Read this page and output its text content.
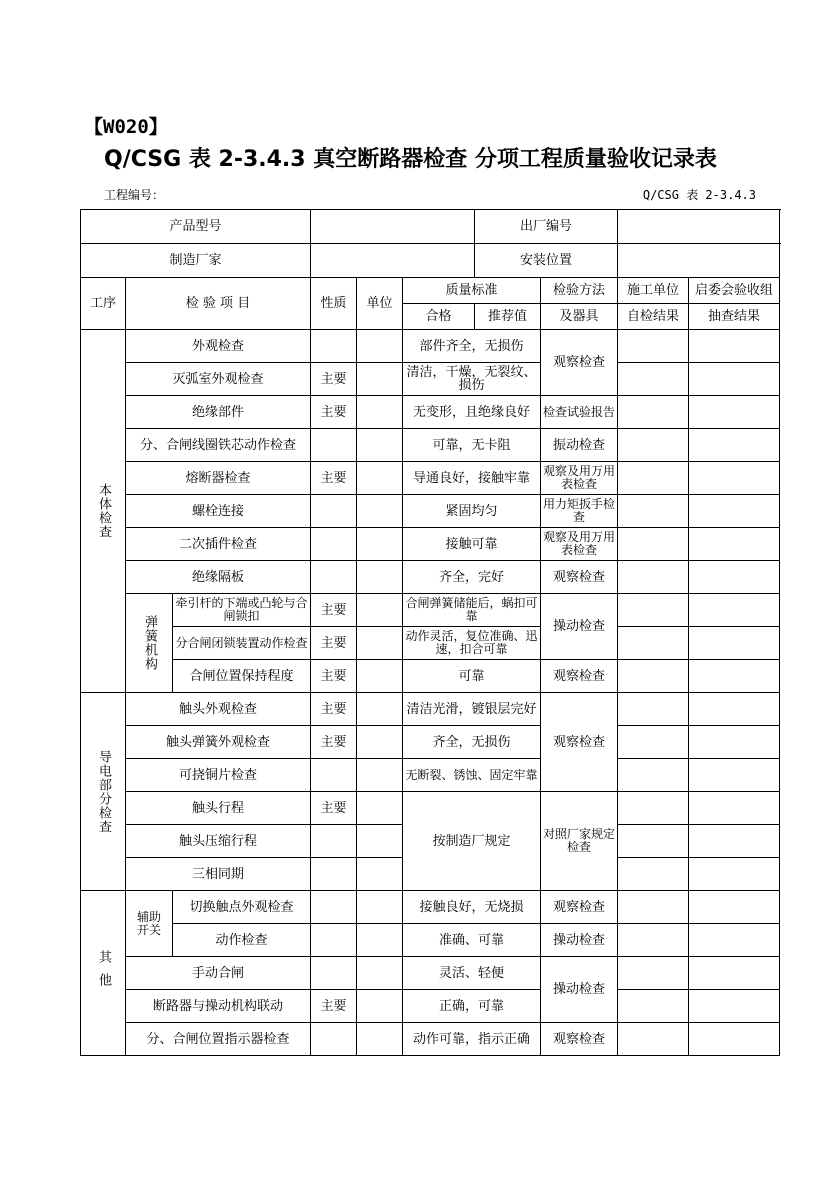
【W020】
Q/CSG 表 2-3.4.3 真空断路器检查 分项工程质量验收记录表
工程编号：	Q/CSG 表 2-3.4.3
产品型号						出厂编号			
制造厂家						安装位置			
工序	检 验 项 目		性质	单位	质量标准		检验方法	施工单位	启委会验收组
					合格	推荐值	及器具	自检结果	抽查结果

本体检查	外观检查				部件齐全，无损伤		观察检查		
	灭弧室外观检查		主要		清洁，干燥，无裂纹、损伤				
	绝缘部件		主要		无变形，且绝缘良好		检查试验报告		
	分、合闸线圈铁芯动作检查				可靠，无卡阻		振动检查		
	熔断器检查		主要		导通良好，接触牢靠		观察及用万用表检查		
	螺栓连接				紧固均匀		用力矩扳手检查		
	二次插件检查				接触可靠		观察及用万用表检查		
	绝缘隔板				齐全，完好		观察检查		

	弹簧机构	牵引杆的下端或凸轮与合闸锁扣	主要		合闸弹簧储能后，蜗扣可靠		操动检查		
		分合闸闭锁装置动作检查	主要		动作灵活，复位准确、迅速，扣合可靠				
		合闸位置保持程度	主要		可靠		观察检查		

导电部分检查	触头外观检查		主要		清洁光滑，镀银层完好		观察检查		
	触头弹簧外观检查		主要		齐全，无损伤				
	可挠铜片检查				无断裂、锈蚀、固定牢靠				
	触头行程		主要		按制造厂规定		对照厂家规定检查		
	触头压缩行程								
	三相同期								

其他	辅助开关	切换触点外观检查			接触良好，无烧损		观察检查		
		动作检查			准确、可靠		操动检查		
	手动合闸				灵活、轻便		操动检查		
	断路器与操动机构联动		主要		正确，可靠				
	分、合闸位置指示器检查				动作可靠，指示正确		观察检查		
